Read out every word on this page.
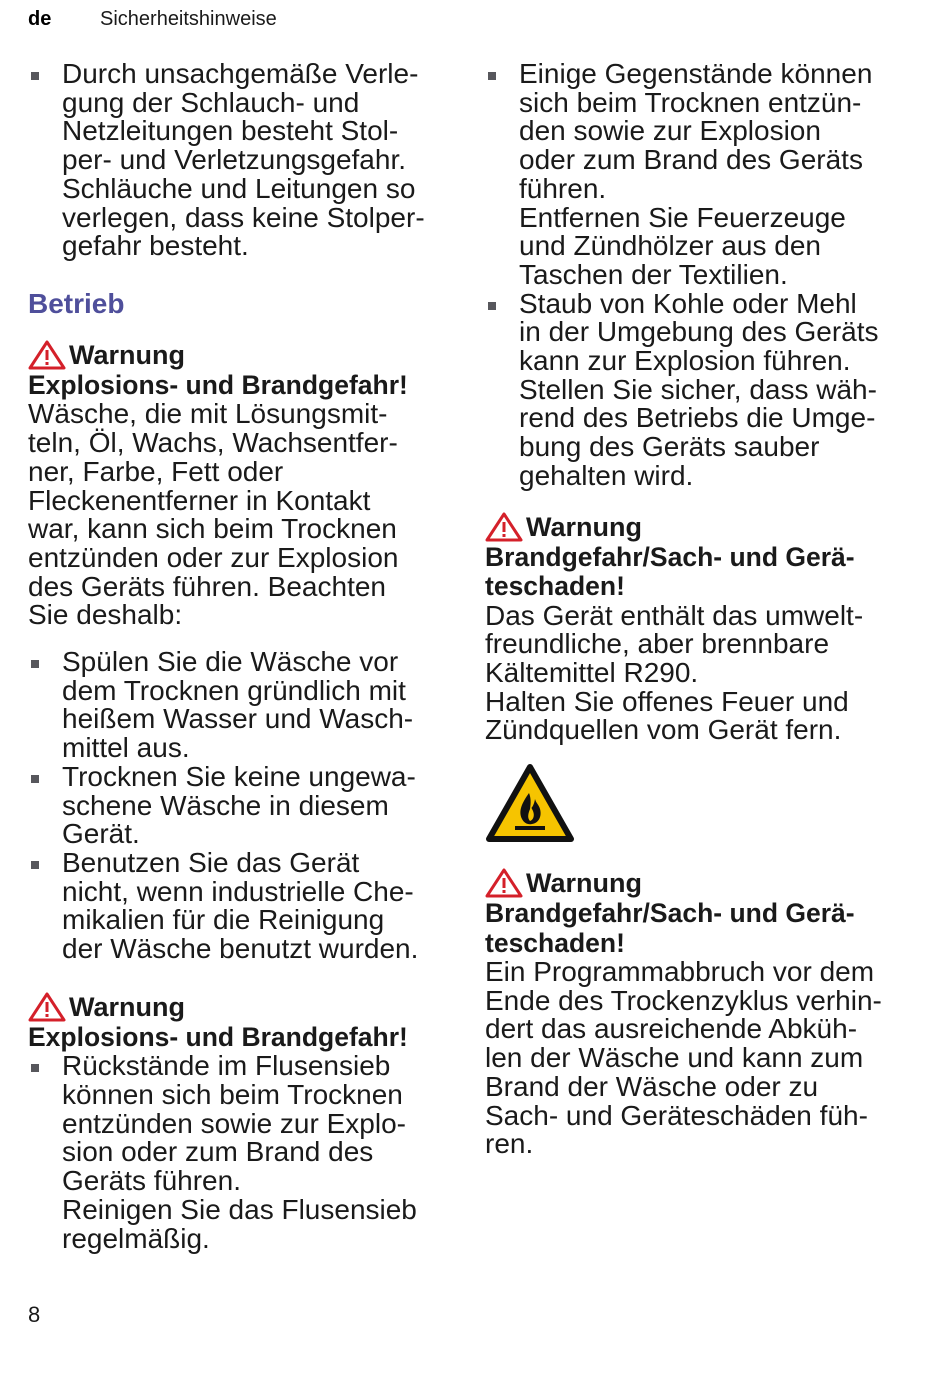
de Sicherheitshinweise
Durch unsachgemäße Verle-
gung der Schlauch- und
Netzleitungen besteht Stol-
per- und Verletzungsgefahr.
Schläuche und Leitungen so
verlegen, dass keine Stolper-
gefahr besteht.
Betrieb
Warnung
Explosions- und Brandgefahr!
Wäsche, die mit Lösungsmit-
teln, Öl, Wachs, Wachsentfer-
ner, Farbe, Fett oder
Fleckenentferner in Kontakt
war, kann sich beim Trocknen
entzünden oder zur Explosion
des Geräts führen. Beachten
Sie deshalb:
Spülen Sie die Wäsche vor
dem Trocknen gründlich mit
heißem Wasser und Wasch-
mittel aus.
Trocknen Sie keine ungewa-
schene Wäsche in diesem
Gerät.
Benutzen Sie das Gerät
nicht, wenn industrielle Che-
mikalien für die Reinigung
der Wäsche benutzt wurden.
Warnung
Explosions- und Brandgefahr!
Rückstände im Flusensieb
können sich beim Trocknen
entzünden sowie zur Explo-
sion oder zum Brand des
Geräts führen.
Reinigen Sie das Flusensieb
regelmäßig.
Einige Gegenstände können
sich beim Trocknen entzün-
den sowie zur Explosion
oder zum Brand des Geräts
führen.
Entfernen Sie Feuerzeuge
und Zündhölzer aus den
Taschen der Textilien.
Staub von Kohle oder Mehl
in der Umgebung des Geräts
kann zur Explosion führen.
Stellen Sie sicher, dass wäh-
rend des Betriebs die Umge-
bung des Geräts sauber
gehalten wird.
Warnung
Brandgefahr/Sach- und Gerä-
teschaden!
Das Gerät enthält das umwelt-
freundliche, aber brennbare
Kältemittel R290.
Halten Sie offenes Feuer und
Zündquellen vom Gerät fern.
Warnung
Brandgefahr/Sach- und Gerä-
teschaden!
Ein Programmabbruch vor dem
Ende des Trockenzyklus verhin-
dert das ausreichende Abküh-
len der Wäsche und kann zum
Brand der Wäsche oder zu
Sach- und Geräteschäden füh-
ren.
8
